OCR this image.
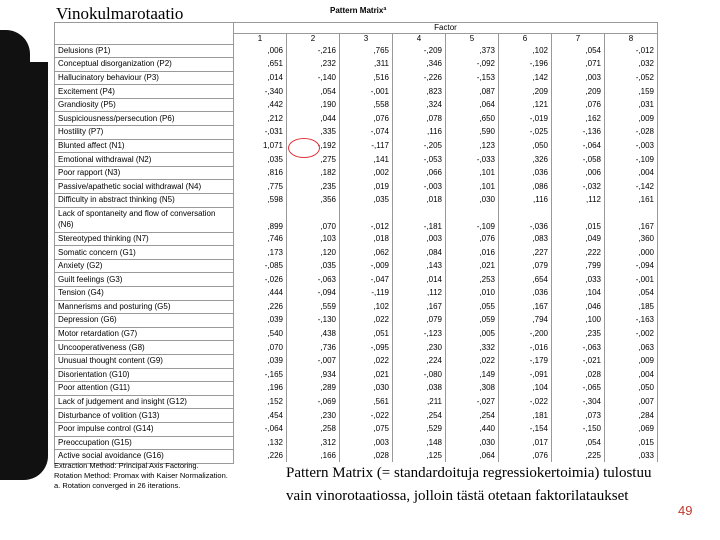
Pattern Matrixª
	Factor							
	1	2	3	4	5	6	7	8
Delusions (P1)	,006	-,216	,765	-,209	,373	,102	,054	-,012
Conceptual disorganization (P2)	,651	,232	,311	,346	-,092	-,196	,071	,032
Hallucinatory behaviour (P3)	,014	-,140	,516	-,226	-,153	,142	,003	-,052
Excitement (P4)	-,340	,054	-,001	,823	,087	,209	,209	,159
Grandiosity (P5)	,442	,190	,558	,324	,064	,121	,076	,031
Suspiciousness/persecution (P6)	,212	,044	,076	,078	,650	-,019	,162	,009
Hostility (P7)	-,031	,335	-,074	,116	,590	-,025	-,136	-,028
Blunted affect (N1)	1,071	-,192	-,117	-,205	,123	,050	-,064	-,003
Emotional withdrawal (N2)	,035	,275	,141	-,053	-,033	,326	-,058	-,109
Poor rapport (N3)	,816	,182	,002	,066	,101	,036	,006	,004
Passive/apathetic social withdrawal (N4)	,775	,235	,019	-,003	,101	,086	-,032	-,142
Difficulty in abstract thinking (N5)	,598	,356	,035	,018	,030	,116	,112	,161
Lack of spontaneity and flow of conversation (N6)	,899	,070	-,012	-,181	-,109	-,036	,015	,167
Stereotyped thinking (N7)	,746	,103	,018	,003	,076	,083	,049	,360
Somatic concern (G1)	,173	,120	,062	,084	,016	,227	,222	,000
Anxiety (G2)	-,085	,035	-,009	,143	,021	,079	,799	-,094
Guilt feelings (G3)	-,026	-,063	-,047	,014	,253	,654	,033	-,001
Tension (G4)	,444	-,094	-,119	,112	,010	,036	,104	,054
Mannerisms and posturing (G5)	,226	,559	,102	,167	,055	,167	,046	,185
Depression (G6)	,039	-,130	,022	,079	,059	,794	,100	-,163
Motor retardation (G7)	,540	,438	,051	-,123	,005	-,200	,235	-,002
Uncooperativeness (G8)	,070	,736	-,095	,230	,332	-,016	-,063	,063
Unusual thought content (G9)	,039	-,007	,022	,224	,022	-,179	-,021	,009
Disorientation (G10)	-,165	,934	,021	-,080	,149	-,091	,028	,004
Poor attention (G11)	,196	,289	,030	,038	,308	,104	-,065	,050
Lack of judgement and insight (G12)	,152	-,069	,561	,211	-,027	-,022	-,304	,007
Disturbance of volition (G13)	,454	,230	-,022	,254	,254	,181	,073	,284
Poor impulse control (G14)	-,064	,258	,075	,529	,440	-,154	-,150	,069
Preoccupation (G15)	,132	,312	,003	,148	,030	,017	,054	,015
Active social avoidance (G16)	,226	,166	,028	,125	,064	,076	,225	,033
Extraction Method: Principal Axis Factoring.
Rotation Method: Promax with Kaiser Normalization.
a. Rotation converged in 26 iterations.
Vinokulmarotaatio
Pattern Matrix (= standardoituja regressiokertoimia) tulostuu vain vinorotaatiossa, jolloin tästä otetaan faktorilataukset
49
